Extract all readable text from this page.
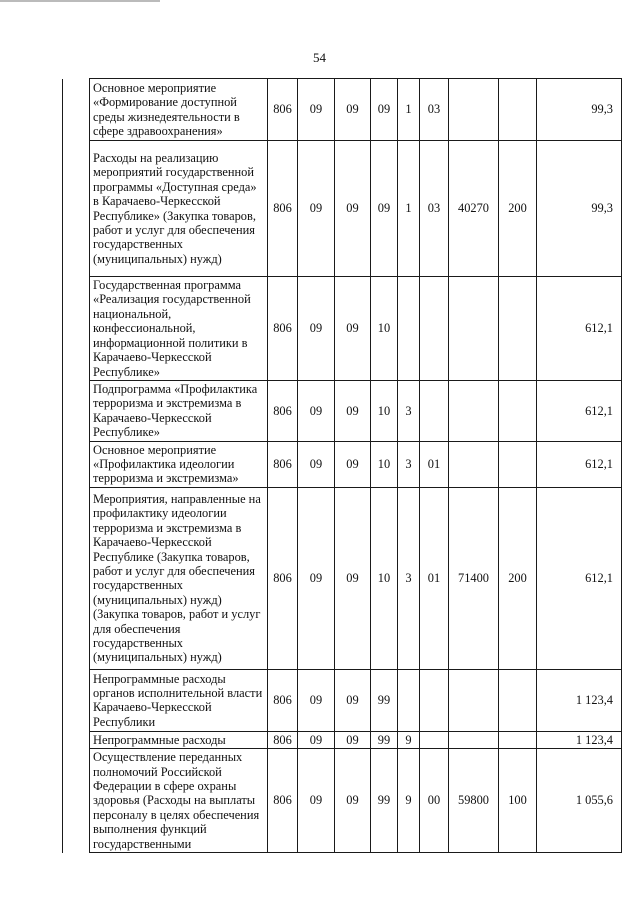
54
	Основное мероприятие «Формирование доступной среды жизнедеятельности в сфере здравоохранения»	806	09	09	09	1	03			99,3
	Расходы на реализацию мероприятий государственной программы «Доступная среда» в Карачаево-Черкесской Республике» (Закупка товаров, работ и услуг для обеспечения государственных (муниципальных) нужд)	806	09	09	09	1	03	40270	200	99,3
	Государственная программа «Реализация государственной национальной, конфессиональной, информационной политики в Карачаево-Черкесской Республике»	806	09	09	10					612,1
	Подпрограмма «Профилактика терроризма и экстремизма в Карачаево-Черкесской Республике»	806	09	09	10	3				612,1
	Основное мероприятие «Профилактика идеологии терроризма и экстремизма»	806	09	09	10	3	01			612,1
	Мероприятия, направленные на профилактику идеологии терроризма и экстремизма в Карачаево-Черкесской Республике (Закупка товаров, работ и услуг для обеспечения государственных (муниципальных) нужд) (Закупка товаров, работ и услуг для обеспечения государственных (муниципальных) нужд)	806	09	09	10	3	01	71400	200	612,1
	Непрограммные расходы органов исполнительной власти Карачаево-Черкесской Республики	806	09	09	99					1 123,4
	Непрограммные расходы	806	09	09	99	9				1 123,4
	Осуществление переданных полномочий Российской Федерации в сфере охраны здоровья (Расходы на выплаты персоналу в целях обеспечения выполнения функций государственными	806	09	09	99	9	00	59800	100	1 055,6
